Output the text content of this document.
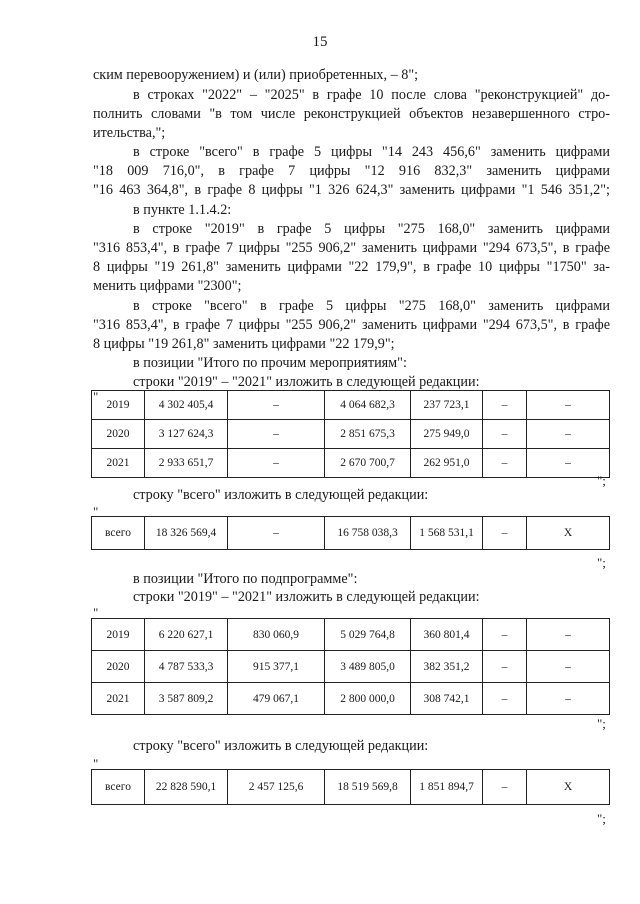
15
ским перевооружением) и (или) приобретенных, – 8";
в строках "2022" – "2025" в графе 10 после слова "реконструкцией" до-
полнить словами "в том числе реконструкцией объектов незавершенного стро-
ительства,";
в строке "всего" в графе 5 цифры "14 243 456,6" заменить цифрами
"18 009 716,0", в графе 7 цифры "12 916 832,3" заменить цифрами
"16 463 364,8", в графе 8 цифры "1 326 624,3" заменить цифрами "1 546 351,2";
в пункте 1.1.4.2:
в строке "2019" в графе 5 цифры "275 168,0" заменить цифрами
"316 853,4", в графе 7 цифры "255 906,2" заменить цифрами "294 673,5", в графе
8 цифры "19 261,8" заменить цифрами "22 179,9", в графе 10 цифры "1750" за-
менить цифрами "2300";
в строке "всего" в графе 5 цифры "275 168,0" заменить цифрами
"316 853,4", в графе 7 цифры "255 906,2" заменить цифрами "294 673,5", в графе
8 цифры "19 261,8" заменить цифрами "22 179,9";
в позиции "Итого по прочим мероприятиям":
строки "2019" – "2021" изложить в следующей редакции:
"
2019	4 302 405,4	–	4 064 682,3	237 723,1	–	–
2020	3 127 624,3	–	2 851 675,3	275 949,0	–	–
2021	2 933 651,7	–	2 670 700,7	262 951,0	–	–
";
строку "всего" изложить в следующей редакции:
"
всего	18 326 569,4	–	16 758 038,3	1 568 531,1	–	Х
";
в позиции "Итого по подпрограмме":
строки "2019" – "2021" изложить в следующей редакции:
"
2019	6 220 627,1	830 060,9	5 029 764,8	360 801,4	–	–
2020	4 787 533,3	915 377,1	3 489 805,0	382 351,2	–	–
2021	3 587 809,2	479 067,1	2 800 000,0	308 742,1	–	–
";
строку "всего" изложить в следующей редакции:
"
всего	22 828 590,1	2 457 125,6	18 519 569,8	1 851 894,7	–	Х
";
